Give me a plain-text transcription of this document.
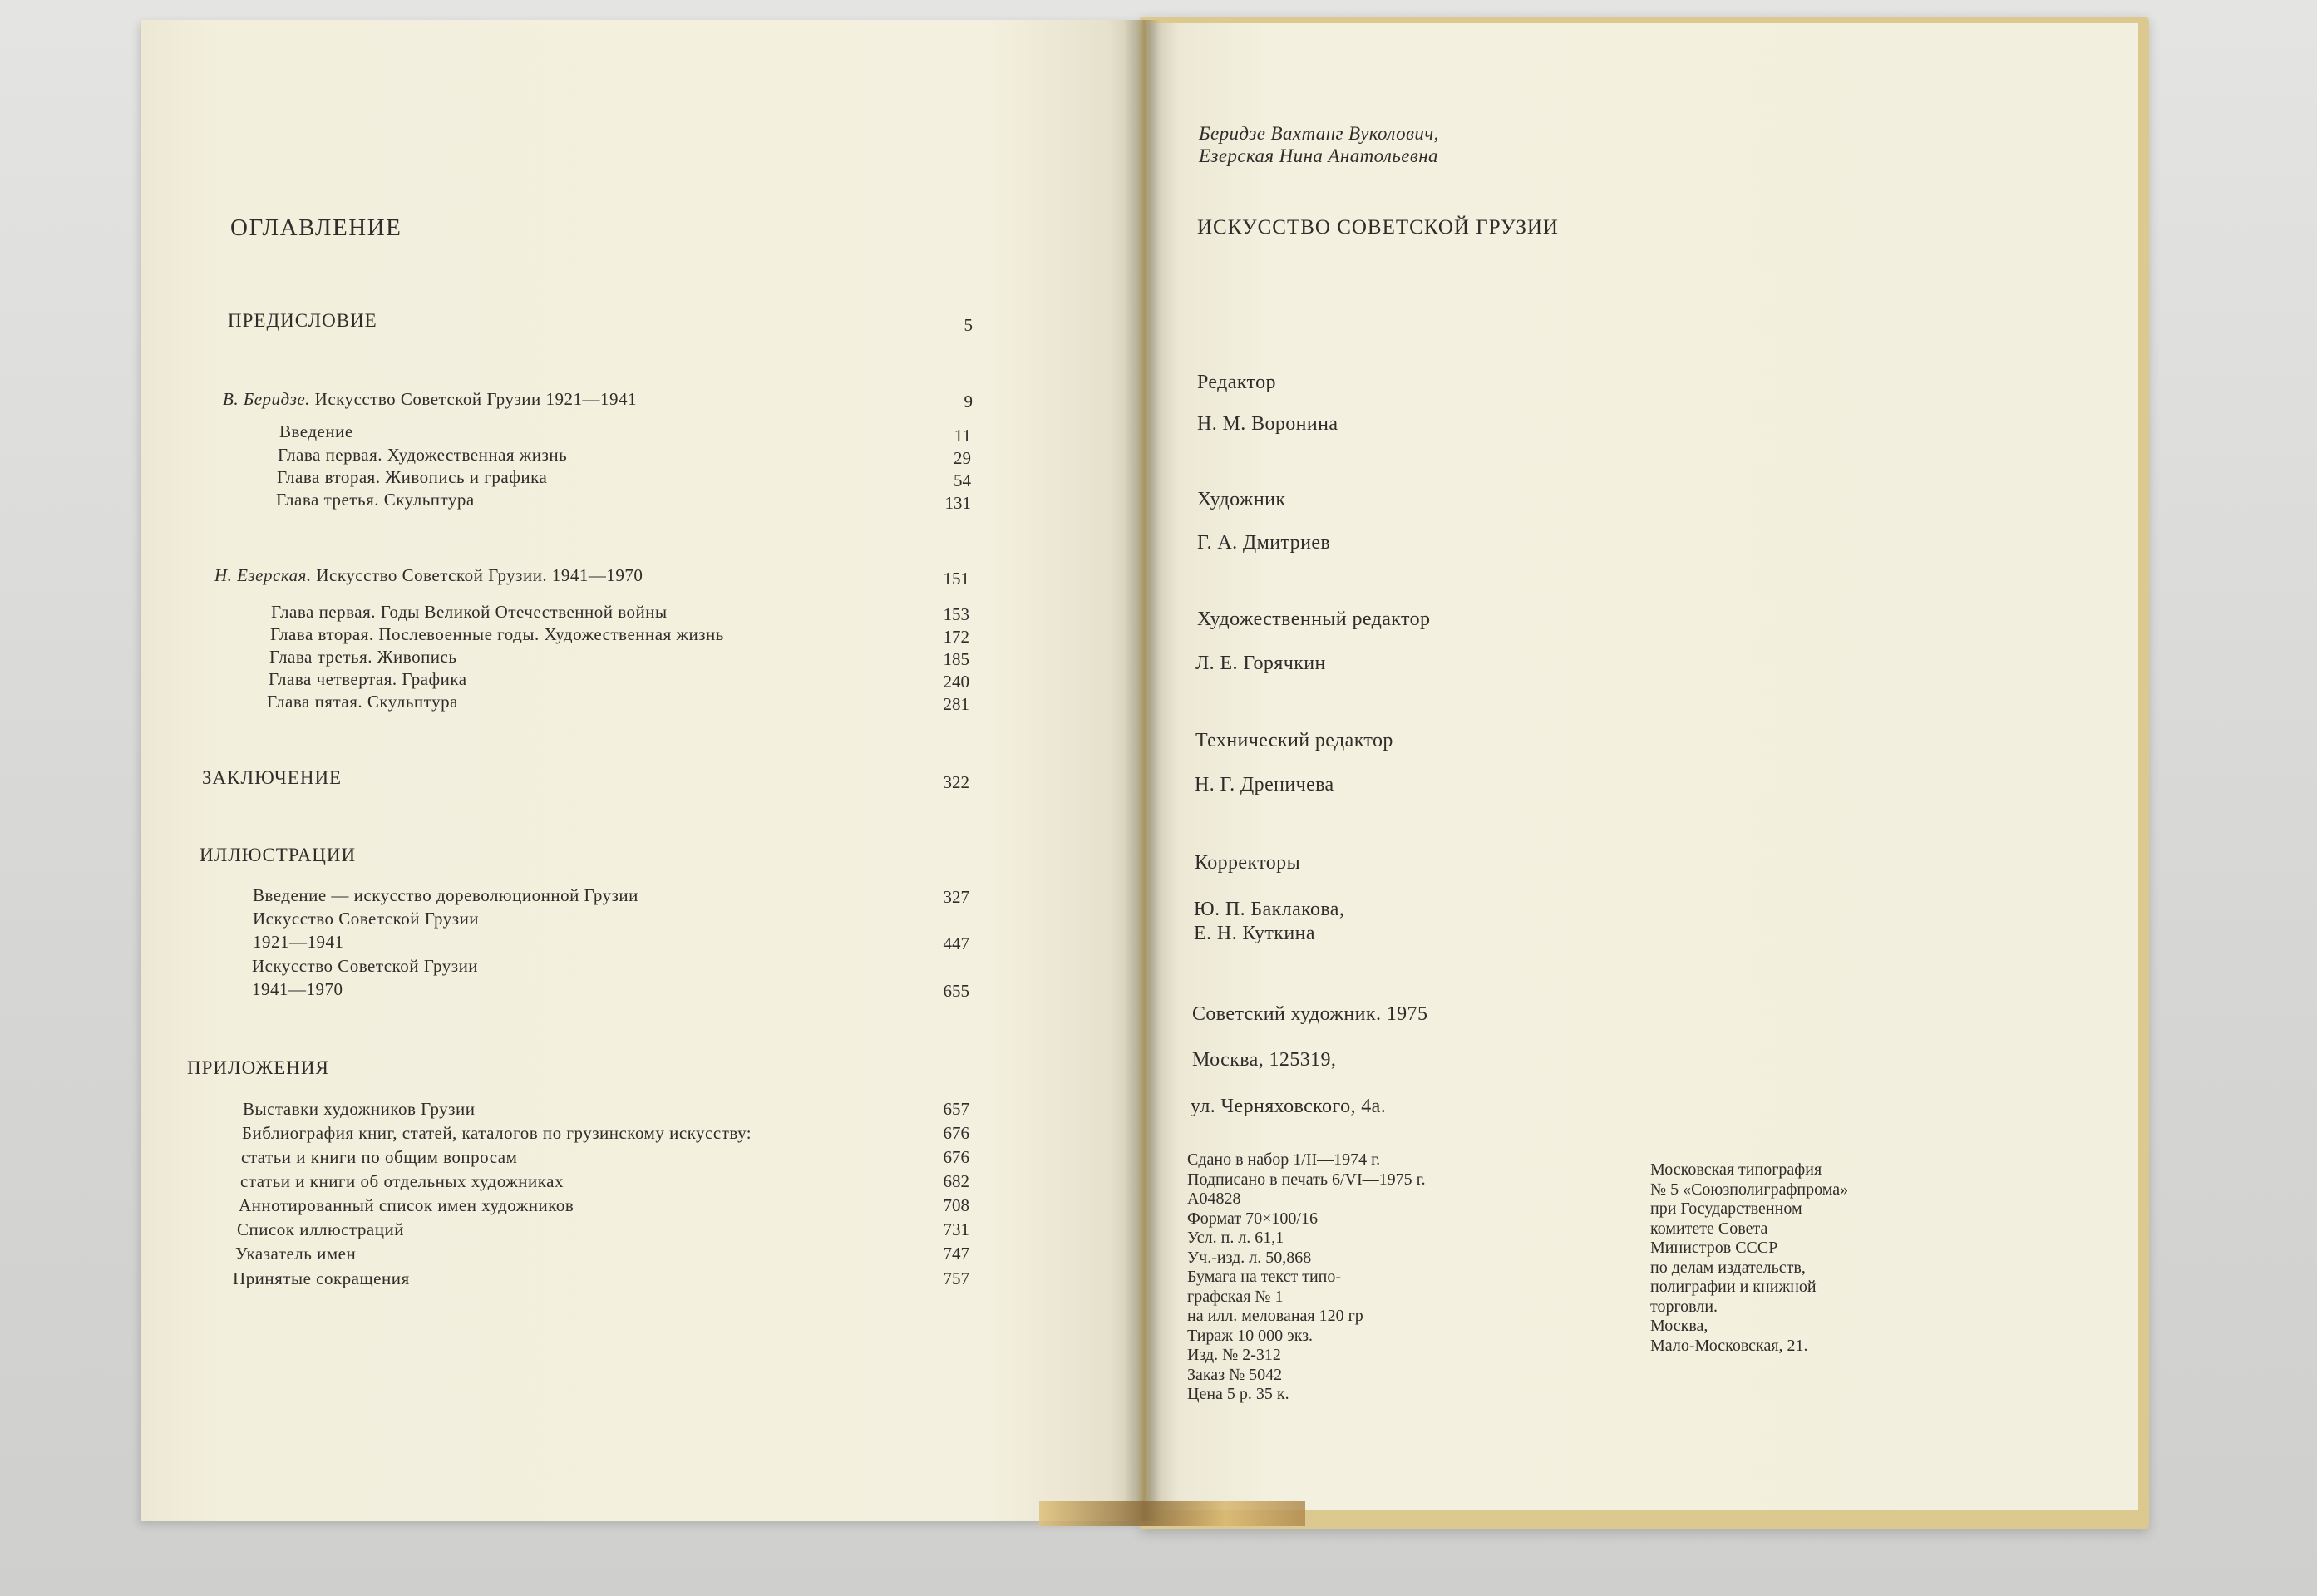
ОГЛАВЛЕНИЕ
ПРЕДИСЛОВИЕ	5
В. Беридзе. Искусство Советской Грузии 1921—1941	9
Введение	11
Глава первая. Художественная жизнь	29
Глава вторая. Живопись и графика	54
Глава третья. Скульптура	131
Н. Езерская. Искусство Советской Грузии. 1941—1970	151
Глава первая. Годы Великой Отечественной войны	153
Глава вторая. Послевоенные годы. Художественная жизнь	172
Глава третья. Живопись	185
Глава четвертая. Графика	240
Глава пятая. Скульптура	281
ЗАКЛЮЧЕНИЕ	322
ИЛЛЮСТРАЦИИ
Введение — искусство дореволюционной Грузии	327
Искусство Советской Грузии
1921—1941	447
Искусство Советской Грузии
1941—1970	655
ПРИЛОЖЕНИЯ
Выставки художников Грузии	657
Библиография книг, статей, каталогов по грузинскому искусству:	676
статьи и книги по общим вопросам	676
статьи и книги об отдельных художниках	682
Аннотированный список имен художников	708
Список иллюстраций	731
Указатель имен	747
Принятые сокращения	757
Беридзе Вахтанг Вуколович,
Езерская Нина Анатольевна
ИСКУССТВО СОВЕТСКОЙ ГРУЗИИ
Редактор
Н. М. Воронина
Художник
Г. А. Дмитриев
Художественный редактор
Л. Е. Горячкин
Технический редактор
Н. Г. Дреничева
Корректоры
Ю. П. Баклакова,
Е. Н. Куткина
Советский художник. 1975
Москва, 125319,
ул. Черняховского, 4а.
Сдано в набор 1/II—1974 г.
Подписано в печать 6/VI—1975 г.
А04828
Формат 70×100/16
Усл. п. л. 61,1
Уч.-изд. л. 50,868
Бумага на текст типо-
графская № 1
на илл. мелованая 120 гр
Тираж 10 000 экз.
Изд. № 2-312
Заказ № 5042
Цена 5 р. 35 к.
Московская типография
№ 5 «Союзполиграфпрома»
при Государственном
комитете Совета
Министров СССР
по делам издательств,
полиграфии и книжной
торговли.
Москва,
Мало-Московская, 21.
